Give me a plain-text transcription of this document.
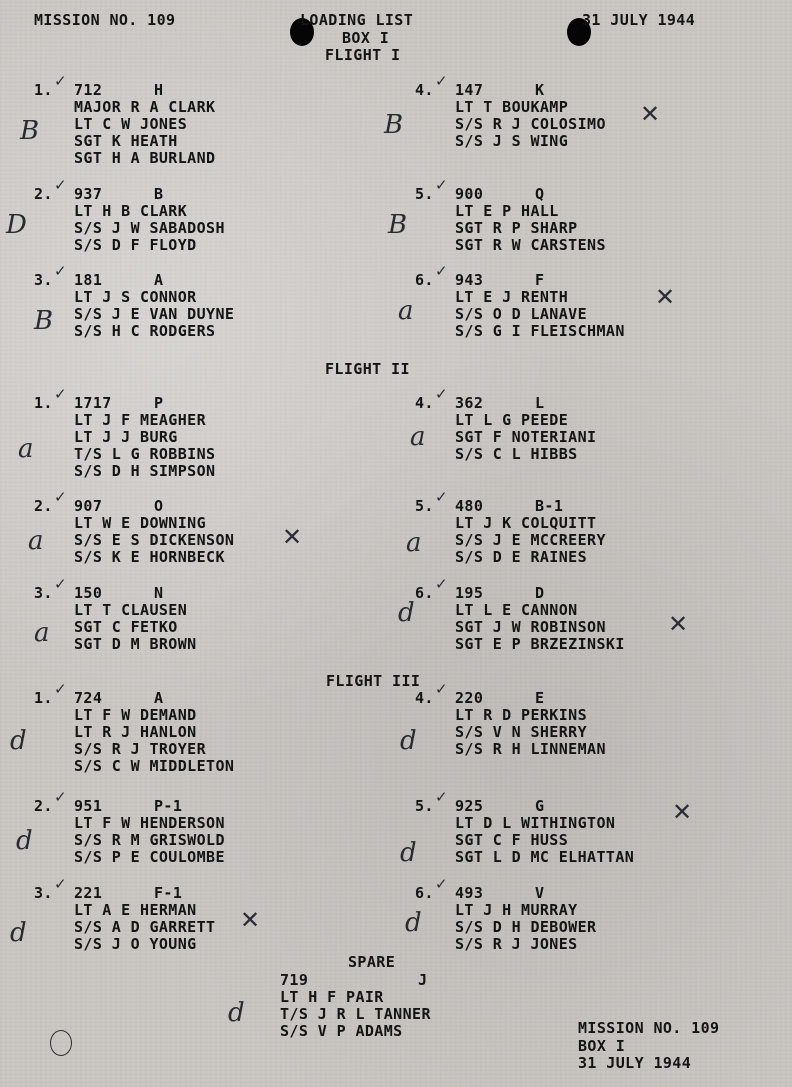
MISSION NO. 109	LOADING LIST
BOX I
FLIGHT I
31 JULY 1944
FLIGHT II
FLIGHT III
1. 712	H
MAJOR R A CLARK
LT C W JONES
SGT K HEATH
SGT H A BURLAND
✓
2. 937	B
LT H B CLARK
S/S J W SABADOSH
S/S D F FLOYD
✓
3. 181	A
LT J S CONNOR
S/S J E VAN DUYNE
S/S H C RODGERS
✓
4. 147	K
LT T BOUKAMP
S/S R J COLOSIMO
S/S J S WING
✓
5. 900	Q
LT E P HALL
SGT R P SHARP
SGT R W CARSTENS
✓
6. 943	F
LT E J RENTH
S/S O D LANAVE
S/S G I FLEISCHMAN
✓
1. 1717	P
LT J F MEAGHER
LT J J BURG
T/S L G ROBBINS
S/S D H SIMPSON
✓
2. 907	O
LT W E DOWNING
S/S E S DICKENSON
S/S K E HORNBECK
✓
3. 150	N
LT T CLAUSEN
SGT C FETKO
SGT D M BROWN
✓
4. 362	L
LT L G PEEDE
SGT F NOTERIANI
S/S C L HIBBS
✓
5. 480	B-1
LT J K COLQUITT
S/S J E MCCREERY
S/S D E RAINES
✓
6. 195	D
LT L E CANNON
SGT J W ROBINSON
SGT E P BRZEZINSKI
✓
1. 724	A
LT F W DEMAND
LT R J HANLON
S/S R J TROYER
S/S C W MIDDLETON
✓
2. 951	P-1
LT F W HENDERSON
S/S R M GRISWOLD
S/S P E COULOMBE
✓
3. 221	F-1
LT A E HERMAN
S/S A D GARRETT
S/S J O YOUNG
✓
4. 220	E
LT R D PERKINS
S/S V N SHERRY
S/S R H LINNEMAN
✓
5. 925	G
LT D L WITHINGTON
SGT C F HUSS
SGT L D MC ELHATTAN
✓
6. 493	V
LT J H MURRAY
S/S D H DEBOWER
S/S R J JONES
✓
SPARE
719	J
LT H F PAIR
T/S J R L TANNER
S/S V P ADAMS	MISSION NO. 109
BOX I
31 JULY 1944
B
D
B
B
B
a
a
a
a
a
a
d
d
d
d
d
d
d
d
✕
✕
✕
✕
✕
✕
